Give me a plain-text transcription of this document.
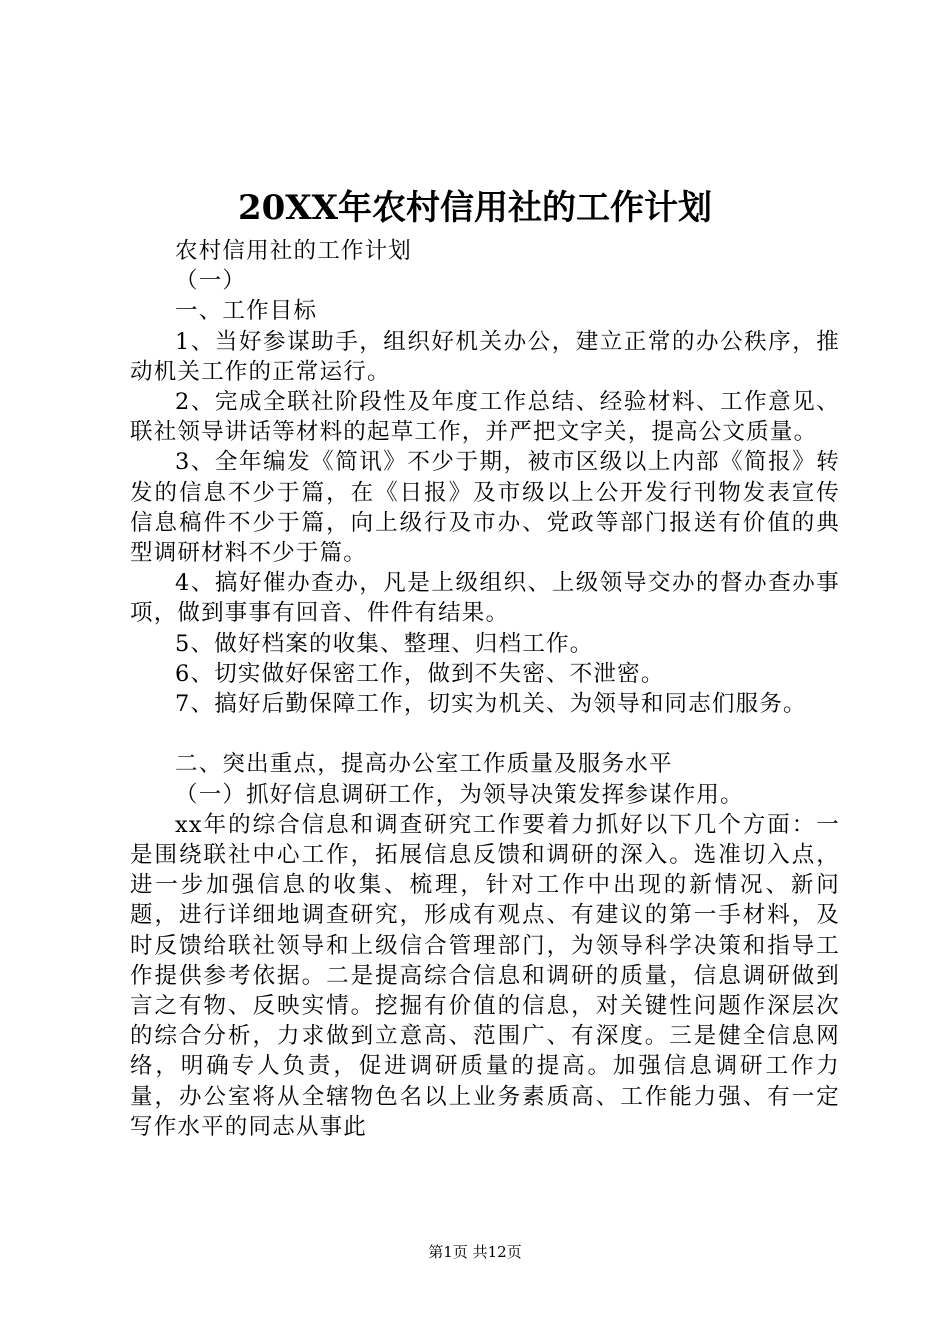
20XX年农村信用社的工作计划

农村信用社的工作计划

（一）

一、工作目标

1、当好参谋助手，组织好机关办公，建立正常的办公秩序，推动机关工作的正常运行。

2、完成全联社阶段性及年度工作总结、经验材料、工作意见、联社领导讲话等材料的起草工作，并严把文字关，提高公文质量。

3、全年编发《简讯》不少于期，被市区级以上内部《简报》转发的信息不少于篇，在《日报》及市级以上公开发行刊物发表宣传信息稿件不少于篇，向上级行及市办、党政等部门报送有价值的典型调研材料不少于篇。

4、搞好催办查办，凡是上级组织、上级领导交办的督办查办事项，做到事事有回音、件件有结果。

5、做好档案的收集、整理、归档工作。

6、切实做好保密工作，做到不失密、不泄密。

7、搞好后勤保障工作，切实为机关、为领导和同志们服务。

二、突出重点，提高办公室工作质量及服务水平

（一）抓好信息调研工作，为领导决策发挥参谋作用。

xx年的综合信息和调查研究工作要着力抓好以下几个方面：一是围绕联社中心工作，拓展信息反馈和调研的深入。选准切入点，进一步加强信息的收集、梳理，针对工作中出现的新情况、新问题，进行详细地调查研究，形成有观点、有建议的第一手材料，及时反馈给联社领导和上级信合管理部门，为领导科学决策和指导工作提供参考依据。二是提高综合信息和调研的质量，信息调研做到言之有物、反映实情。挖掘有价值的信息，对关键性问题作深层次的综合分析，力求做到立意高、范围广、有深度。三是健全信息网络，明确专人负责，促进调研质量的提高。加强信息调研工作力量，办公室将从全辖物色名以上业务素质高、工作能力强、有一定写作水平的同志从事此

第1页 共12页
